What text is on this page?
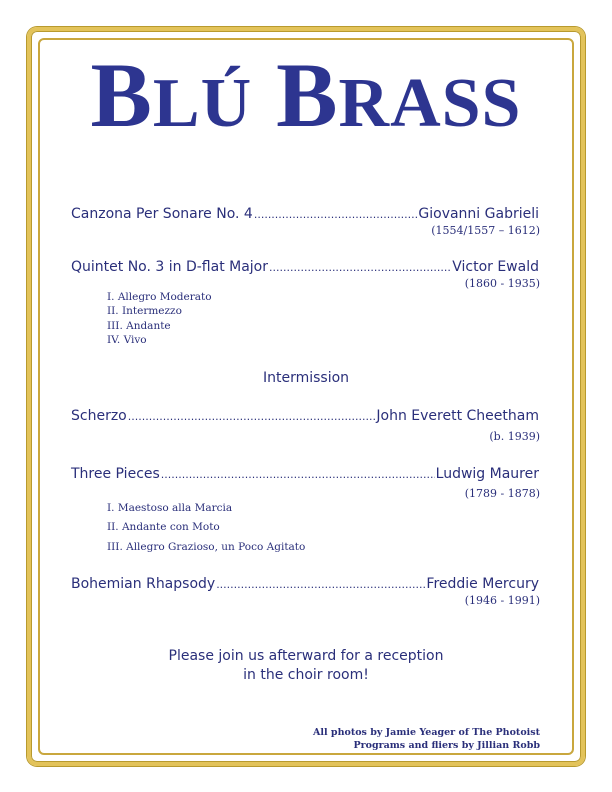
BLÚ BRASS
Canzona Per Sonare No. 4 .....	Giovanni Gabrieli
(1554/1557 – 1612)
Quintet No. 3 in D-flat Major .....	Victor Ewald
(1860 - 1935)
I. Allegro Moderato
II. Intermezzo
III. Andante
IV. Vivo
Intermission
Scherzo .....	John Everett Cheetham
(b. 1939)
Three Pieces .....	Ludwig Maurer
(1789 - 1878)
I. Maestoso alla Marcia
II. Andante con Moto
III. Allegro Grazioso, un Poco Agitato
Bohemian Rhapsody .....	Freddie Mercury
(1946 - 1991)
Please join us afterward for a reception
in the choir room!
All photos by Jamie Yeager of The Photoist
Programs and fliers by Jillian Robb
